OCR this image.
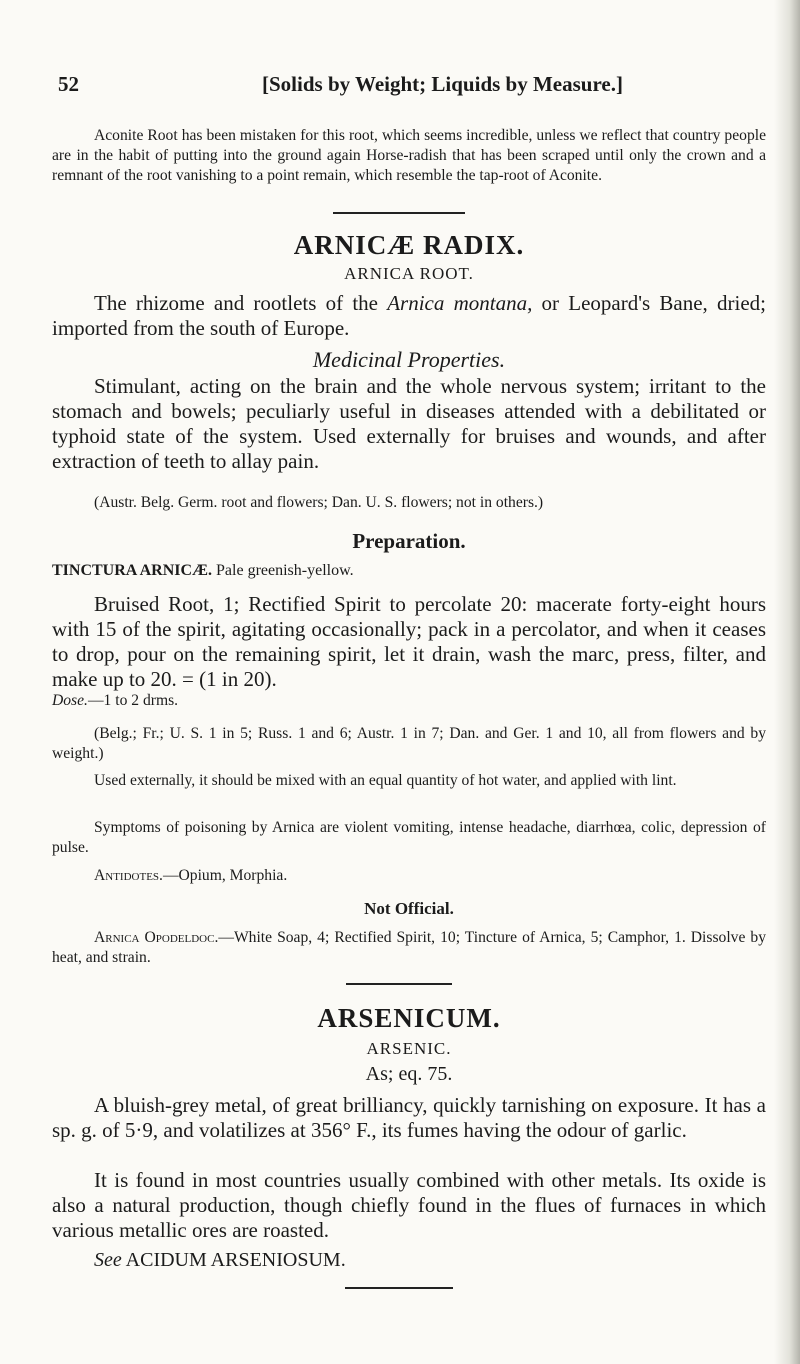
52	[Solids by Weight; Liquids by Measure.]
Aconite Root has been mistaken for this root, which seems incredible, unless we reflect that country people are in the habit of putting into the ground again Horse-radish that has been scraped until only the crown and a remnant of the root vanishing to a point remain, which resemble the tap-root of Aconite.
ARNICÆ RADIX.
ARNICA ROOT.
The rhizome and rootlets of the Arnica montana, or Leopard's Bane, dried; imported from the south of Europe.
Medicinal Properties.
Stimulant, acting on the brain and the whole nervous system; irritant to the stomach and bowels; peculiarly useful in diseases attended with a debilitated or typhoid state of the system. Used externally for bruises and wounds, and after extraction of teeth to allay pain.
(Austr. Belg. Germ. root and flowers; Dan. U. S. flowers; not in others.)
Preparation.
TINCTURA ARNICÆ. Pale greenish-yellow.
Bruised Root, 1; Rectified Spirit to percolate 20: macerate forty-eight hours with 15 of the spirit, agitating occasionally; pack in a percolator, and when it ceases to drop, pour on the remaining spirit, let it drain, wash the marc, press, filter, and make up to 20. = (1 in 20).
Dose.—1 to 2 drms.
(Belg.; Fr.; U. S. 1 in 5; Russ. 1 and 6; Austr. 1 in 7; Dan. and Ger. 1 and 10, all from flowers and by weight.)
Used externally, it should be mixed with an equal quantity of hot water, and applied with lint.
Symptoms of poisoning by Arnica are violent vomiting, intense headache, diarrhœa, colic, depression of pulse.
Antidotes.—Opium, Morphia.
Not Official.
Arnica Opodeldoc.—White Soap, 4; Rectified Spirit, 10; Tincture of Arnica, 5; Camphor, 1. Dissolve by heat, and strain.
ARSENICUM.
ARSENIC.
As; eq. 75.
A bluish-grey metal, of great brilliancy, quickly tarnishing on exposure. It has a sp. g. of 5·9, and volatilizes at 356° F., its fumes having the odour of garlic.
It is found in most countries usually combined with other metals. Its oxide is also a natural production, though chiefly found in the flues of furnaces in which various metallic ores are roasted.
See ACIDUM ARSENIOSUM.
